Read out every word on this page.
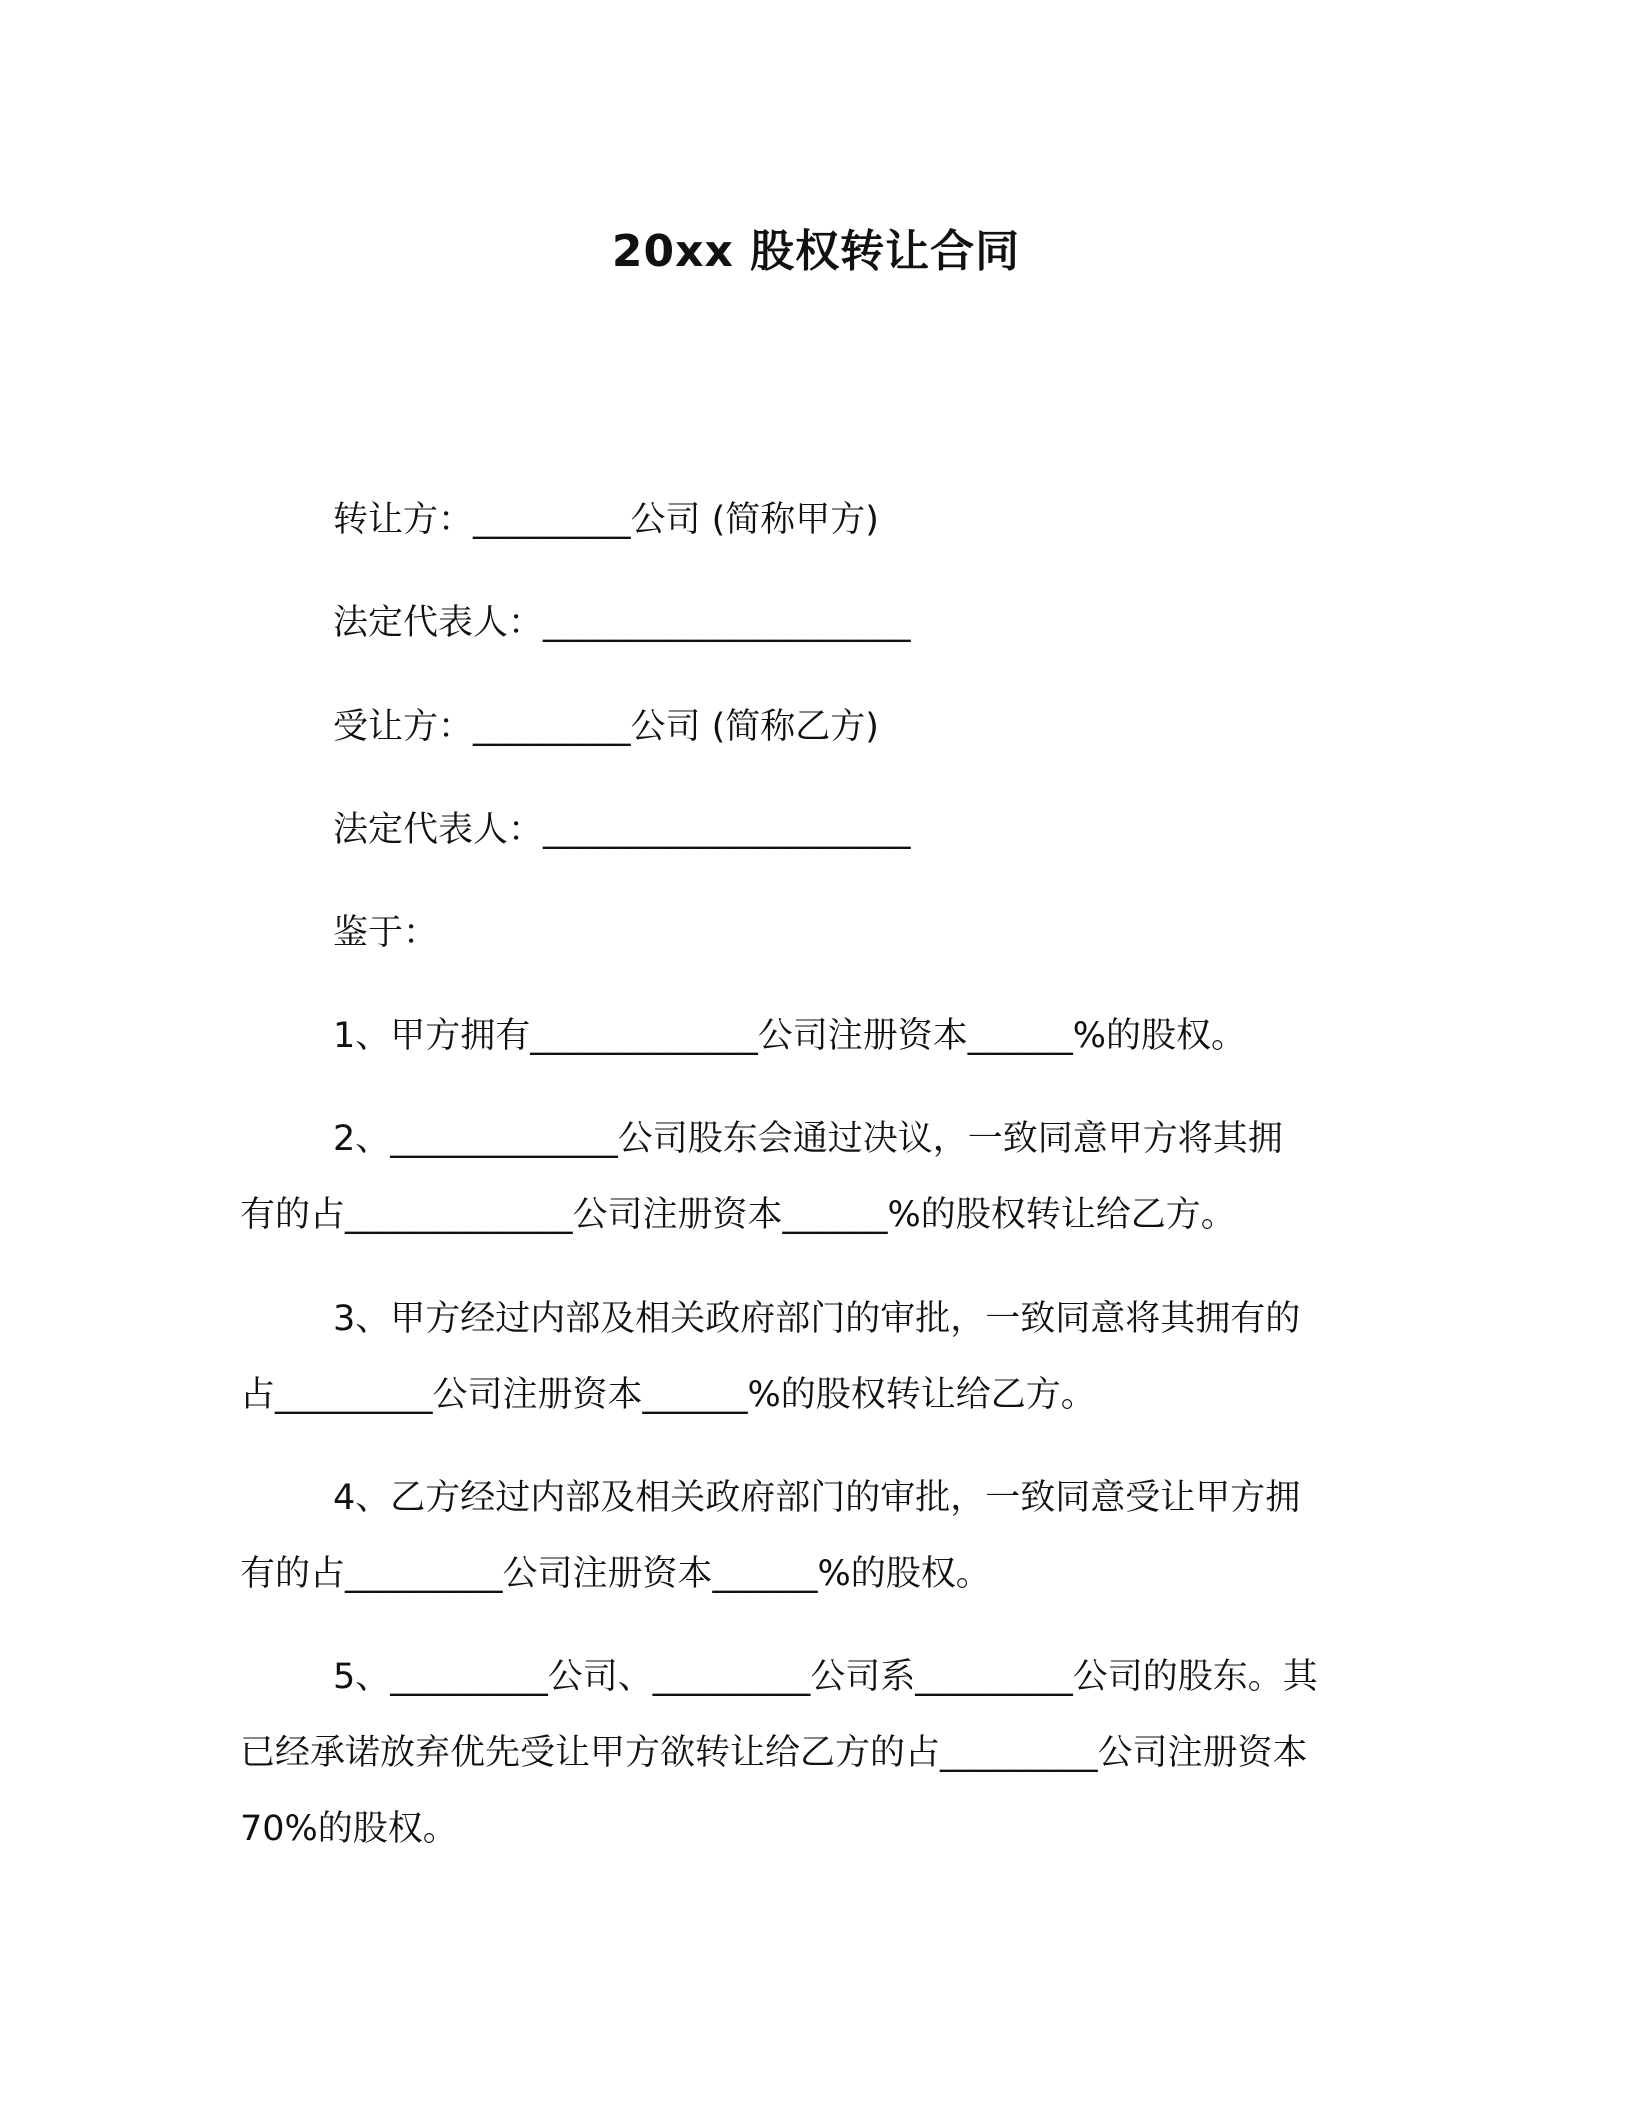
20xx 股权转让合同
转让方：_________公司 (简称甲方)
法定代表人：_____________________
受让方：_________公司 (简称乙方)
法定代表人：_____________________
鉴于：
1、甲方拥有_____________公司注册资本______%的股权。
2、_____________公司股东会通过决议，一致同意甲方将其拥
有的占_____________公司注册资本______%的股权转让给乙方。
3、甲方经过内部及相关政府部门的审批，一致同意将其拥有的
占_________公司注册资本______%的股权转让给乙方。
4、乙方经过内部及相关政府部门的审批，一致同意受让甲方拥
有的占_________公司注册资本______%的股权。
5、_________公司、_________公司系_________公司的股东。其
已经承诺放弃优先受让甲方欲转让给乙方的占_________公司注册资本
70%的股权。
